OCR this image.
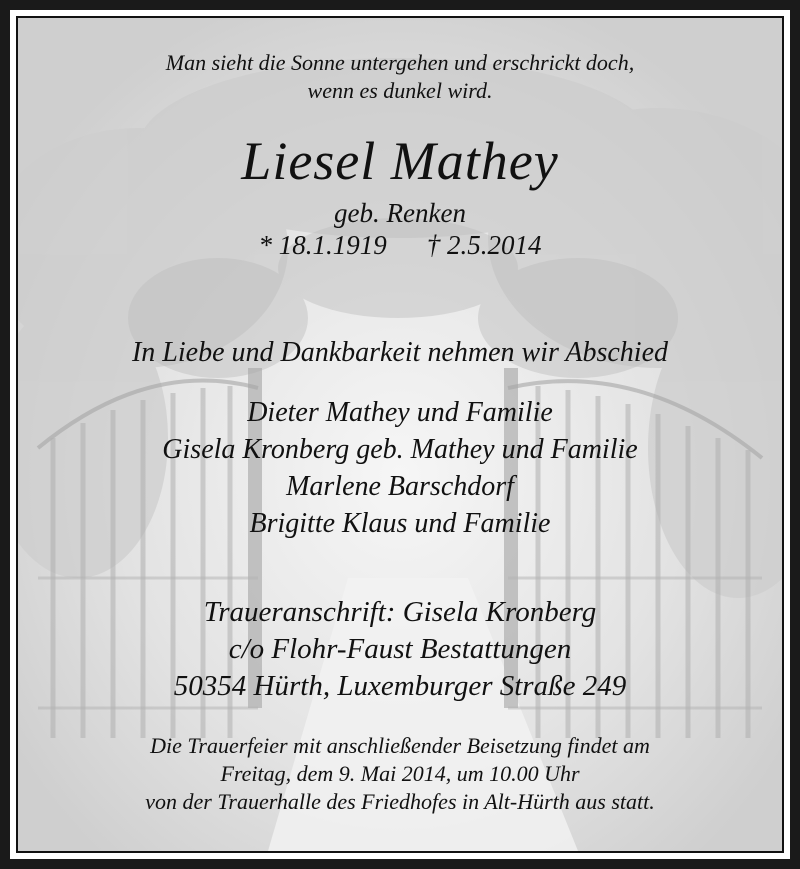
Man sieht die Sonne untergehen und erschrickt doch,
wenn es dunkel wird.
Liesel Mathey
geb. Renken
* 18.1.1919 † 2.5.2014
In Liebe und Dankbarkeit nehmen wir Abschied
Dieter Mathey und Familie
Gisela Kronberg geb. Mathey und Familie
Marlene Barschdorf
Brigitte Klaus und Familie
Traueranschrift: Gisela Kronberg
c/o Flohr-Faust Bestattungen
50354 Hürth, Luxemburger Straße 249
Die Trauerfeier mit anschließender Beisetzung findet am
Freitag, dem 9. Mai 2014, um 10.00 Uhr
von der Trauerhalle des Friedhofes in Alt-Hürth aus statt.
